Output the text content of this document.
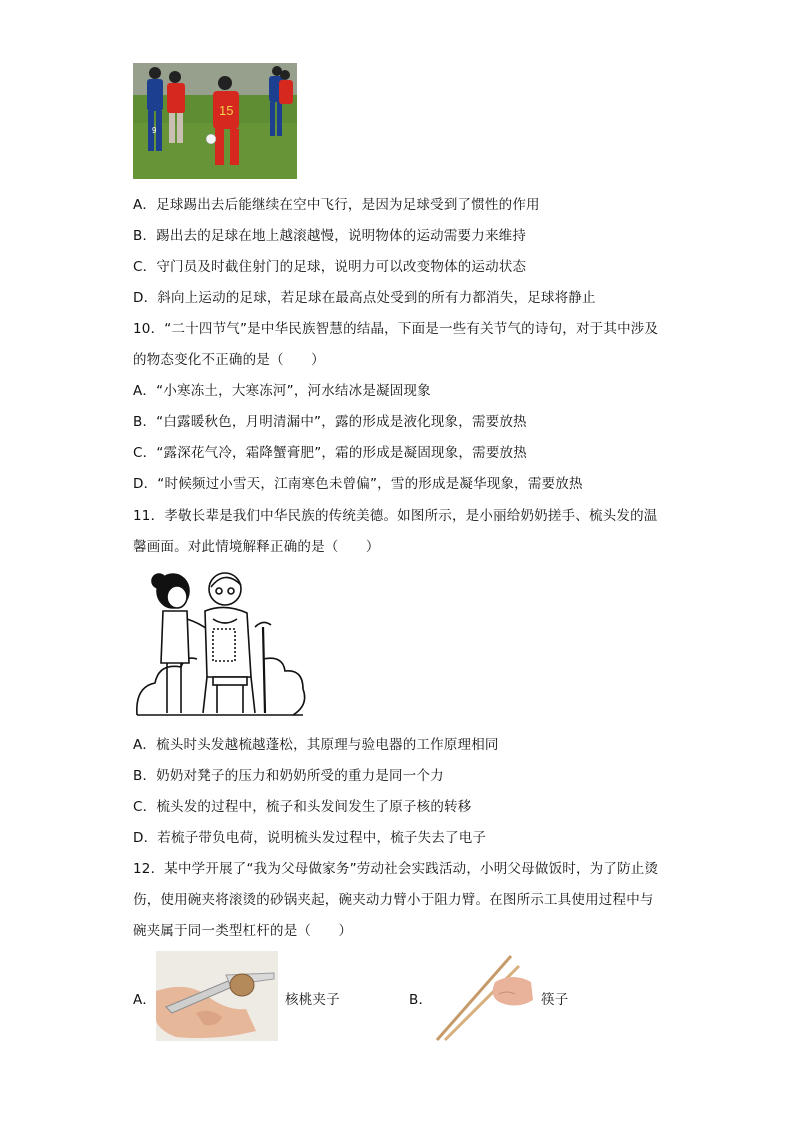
9
15
A．足球踢出去后能继续在空中飞行，是因为足球受到了惯性的作用
B．踢出去的足球在地上越滚越慢，说明物体的运动需要力来维持
C．守门员及时截住射门的足球，说明力可以改变物体的运动状态
D．斜向上运动的足球，若足球在最高点处受到的所有力都消失，足球将静止
10．“二十四节气”是中华民族智慧的结晶，下面是一些有关节气的诗句，对于其中涉及
的物态变化不正确的是（　　）
A．“小寒冻土，大寒冻河”，河水结冰是凝固现象
B．“白露暖秋色，月明清漏中”，露的形成是液化现象，需要放热
C．“露深花气冷，霜降蟹膏肥”，霜的形成是凝固现象，需要放热
D．“时候频过小雪天，江南寒色未曾偏”，雪的形成是凝华现象，需要放热
11．孝敬长辈是我们中华民族的传统美德。如图所示，是小丽给奶奶搓手、梳头发的温
馨画面。对此情境解释正确的是（　　）
A．梳头时头发越梳越蓬松，其原理与验电器的工作原理相同
B．奶奶对凳子的压力和奶奶所受的重力是同一个力
C．梳头发的过程中，梳子和头发间发生了原子核的转移
D．若梳子带负电荷，说明梳头发过程中，梳子失去了电子
12．某中学开展了“我为父母做家务”劳动社会实践活动，小明父母做饭时，为了防止烫
伤，使用碗夹将滚烫的砂锅夹起，碗夹动力臂小于阻力臂。在图所示工具使用过程中与
碗夹属于同一类型杠杆的是（　　）
A．	核桃夹子	B．	筷子
